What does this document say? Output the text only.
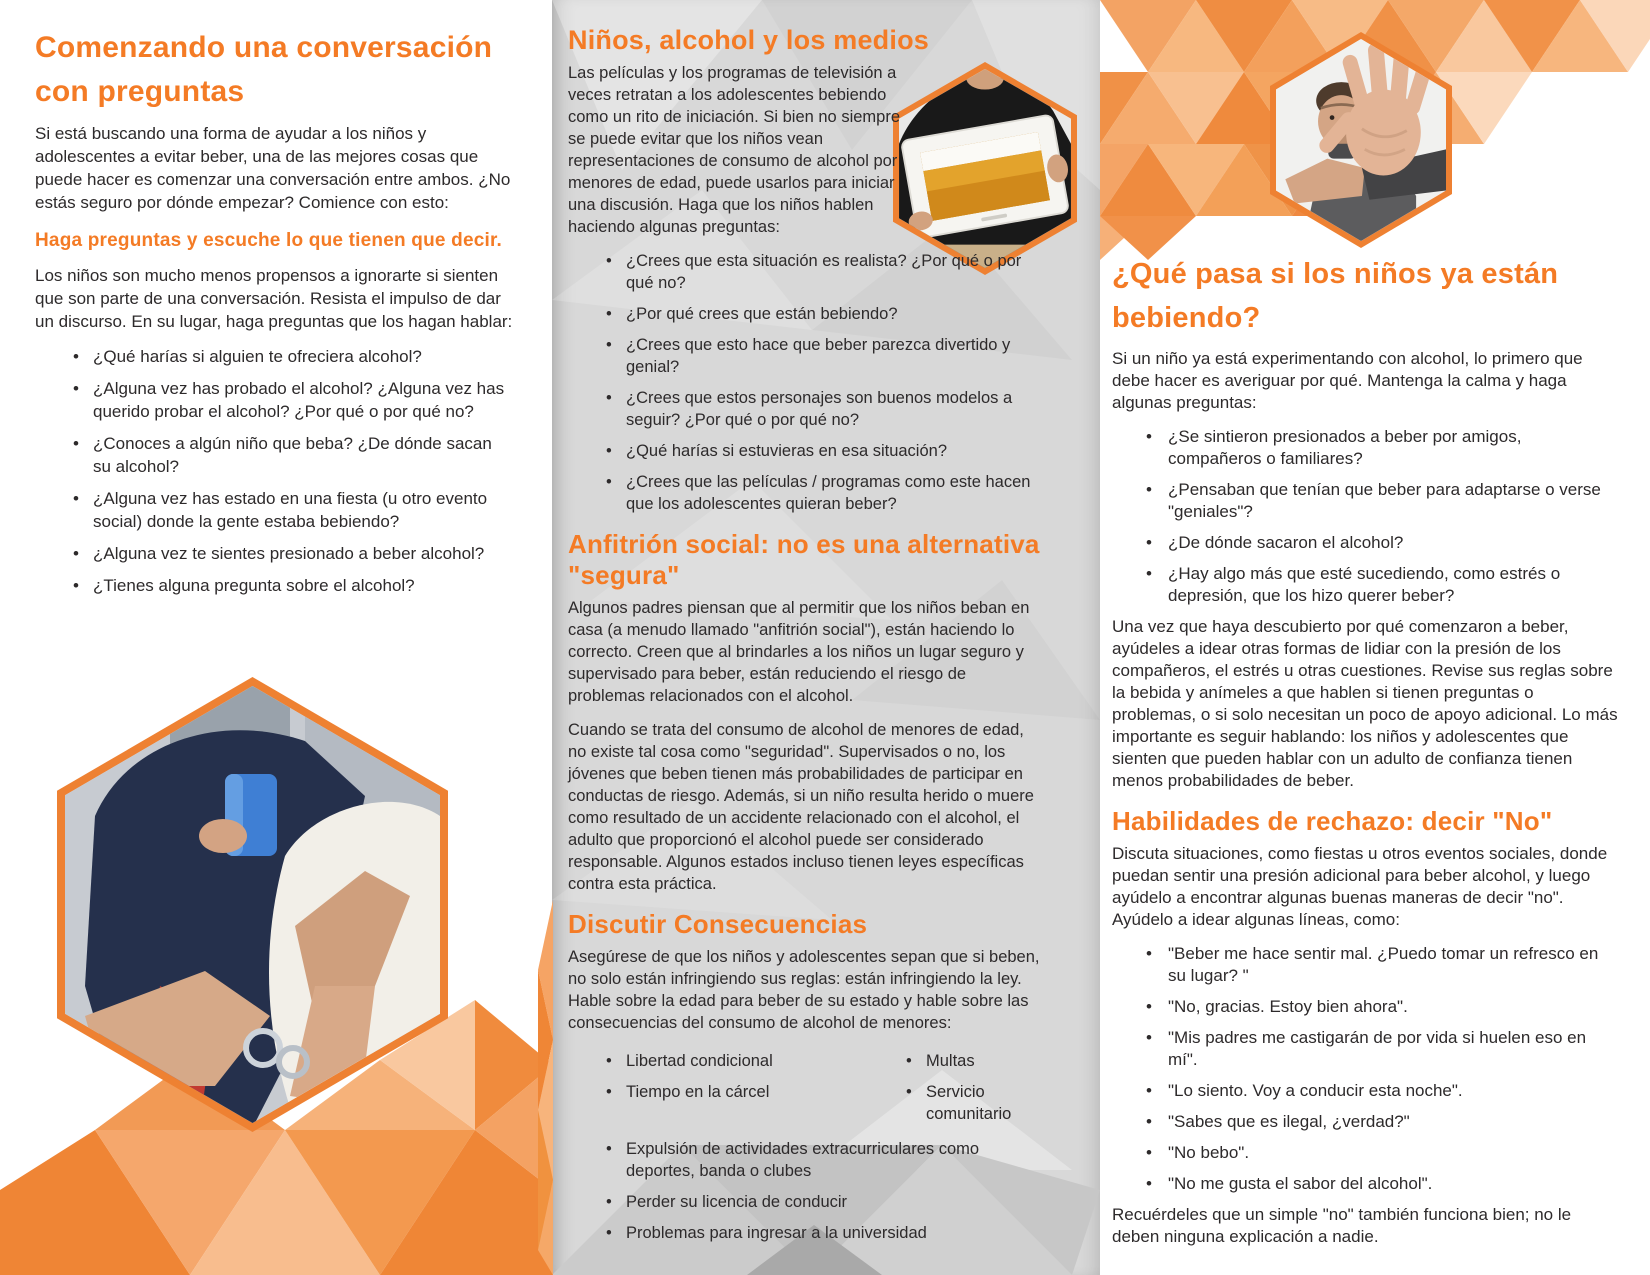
Comenzando una conversación con preguntas

Si está buscando una forma de ayudar a los niños y adolescentes a evitar beber, una de las mejores cosas que puede hacer es comenzar una conversación entre ambos. ¿No estás seguro por dónde empezar? Comience con esto:

Haga preguntas y escuche lo que tienen que decir.

Los niños son mucho menos propensos a ignorarte si sienten que son parte de una conversación. Resista el impulso de dar un discurso. En su lugar, haga preguntas que los hagan hablar:

• ¿Qué harías si alguien te ofreciera alcohol?
• ¿Alguna vez has probado el alcohol? ¿Alguna vez has querido probar el alcohol? ¿Por qué o por qué no?
• ¿Conoces a algún niño que beba? ¿De dónde sacan su alcohol?
• ¿Alguna vez has estado en una fiesta (u otro evento social) donde la gente estaba bebiendo?
• ¿Alguna vez te sientes presionado a beber alcohol?
• ¿Tienes alguna pregunta sobre el alcohol?
Niños, alcohol y los medios

Las películas y los programas de televisión a veces retratan a los adolescentes bebiendo como un rito de iniciación. Si bien no siempre se puede evitar que los niños vean representaciones de consumo de alcohol por menores de edad, puede usarlos para iniciar una discusión. Haga que los niños hablen haciendo algunas preguntas:

• ¿Crees que esta situación es realista? ¿Por qué o por qué no?
• ¿Por qué crees que están bebiendo?
• ¿Crees que esto hace que beber parezca divertido y genial?
• ¿Crees que estos personajes son buenos modelos a seguir? ¿Por qué o por qué no?
• ¿Qué harías si estuvieras en esa situación?
• ¿Crees que las películas / programas como este hacen que los adolescentes quieran beber?
Anfitrión social: no es una alternativa "segura"

Algunos padres piensan que al permitir que los niños beban en casa (a menudo llamado "anfitrión social"), están haciendo lo correcto. Creen que al brindarles a los niños un lugar seguro y supervisado para beber, están reduciendo el riesgo de problemas relacionados con el alcohol.

Cuando se trata del consumo de alcohol de menores de edad, no existe tal cosa como "seguridad". Supervisados o no, los jóvenes que beben tienen más probabilidades de participar en conductas de riesgo. Además, si un niño resulta herido o muere como resultado de un accidente relacionado con el alcohol, el adulto que proporcionó el alcohol puede ser considerado responsable. Algunos estados incluso tienen leyes específicas contra esta práctica.

Discutir Consecuencias

Asegúrese de que los niños y adolescentes sepan que si beben, no solo están infringiendo sus reglas: están infringiendo la ley. Hable sobre la edad para beber de su estado y hable sobre las consecuencias del consumo de alcohol de menores:

• Libertad condicional
• Tiempo en la cárcel
• Multas
• Servicio comunitario
• Expulsión de actividades extracurriculares como deportes, banda o clubes
• Perder su licencia de conducir
• Problemas para ingresar a la universidad
¿Qué pasa si los niños ya están bebiendo?

Si un niño ya está experimentando con alcohol, lo primero que debe hacer es averiguar por qué. Mantenga la calma y haga algunas preguntas:

• ¿Se sintieron presionados a beber por amigos, compañeros o familiares?
• ¿Pensaban que tenían que beber para adaptarse o verse "geniales"?
• ¿De dónde sacaron el alcohol?
• ¿Hay algo más que esté sucediendo, como estrés o depresión, que los hizo querer beber?

Una vez que haya descubierto por qué comenzaron a beber, ayúdeles a idear otras formas de lidiar con la presión de los compañeros, el estrés u otras cuestiones. Revise sus reglas sobre la bebida y anímeles a que hablen si tienen preguntas o problemas, o si solo necesitan un poco de apoyo adicional. Lo más importante es seguir hablando: los niños y adolescentes que sienten que pueden hablar con un adulto de confianza tienen menos probabilidades de beber.

Habilidades de rechazo: decir "No"

Discuta situaciones, como fiestas u otros eventos sociales, donde puedan sentir una presión adicional para beber alcohol, y luego ayúdelo a encontrar algunas buenas maneras de decir "no". Ayúdelo a idear algunas líneas, como:

• "Beber me hace sentir mal. ¿Puedo tomar un refresco en su lugar? "
• "No, gracias. Estoy bien ahora".
• "Mis padres me castigarán de por vida si huelen eso en mí".
• "Lo siento. Voy a conducir esta noche".
• "Sabes que es ilegal, ¿verdad?"
• "No bebo".
• "No me gusta el sabor del alcohol".

Recuérdeles que un simple "no" también funciona bien; no le deben ninguna explicación a nadie.
